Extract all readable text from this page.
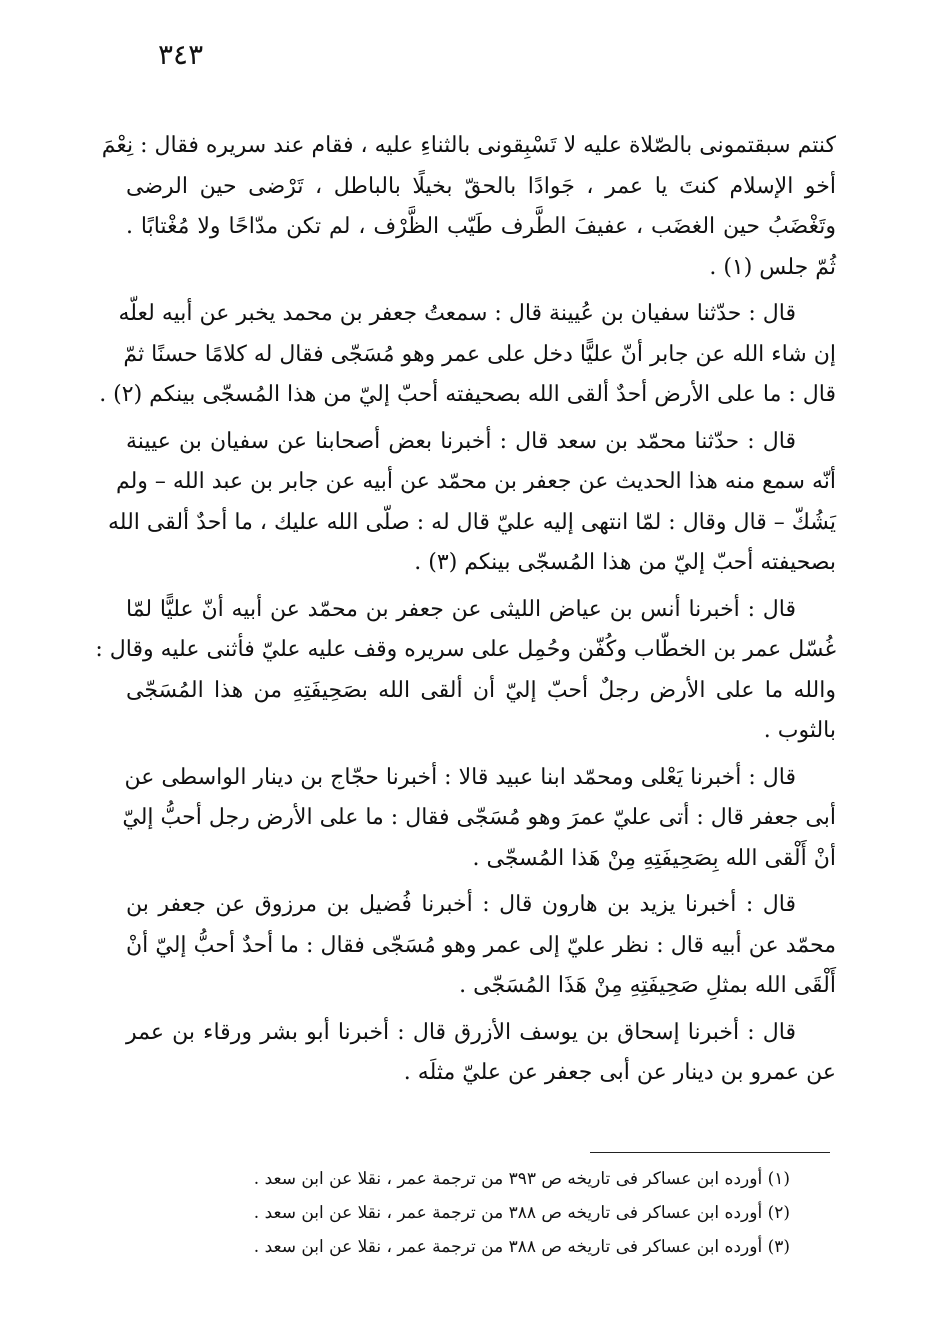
٣٤٣
كنتم سبقتمونى بالصّلاة عليه لا تَسْبِقونى بالثناءِ عليه ، فقام عند سريره فقال : نِعْمَ
أخو الإسلام كنتَ يا عمر ، جَوادًا بالحقّ بخيلًا بالباطل ، تَرْضى حين الرضى
وتَغْضَبُ حين الغضَب ، عفيفَ الطَّرف طَيّب الظَّرْف ، لم تكن مدّاحًا ولا مُغْتابًا .
ثُمّ جلس (١) .
قال : حدّثنا سفيان بن عُيينة قال : سمعتُ جعفر بن محمد يخبر عن أبيه لعلّه
إن شاء الله عن جابر أنّ عليًّا دخل على عمر وهو مُسَجّى فقال له كلامًا حسنًا ثمّ
قال : ما على الأرض أحدٌ ألقى الله بصحيفته أحبّ إليّ من هذا المُسجّى بينكم (٢) .
قال : حدّثنا محمّد بن سعد قال : أخبرنا بعض أصحابنا عن سفيان بن عيينة
أنّه سمع منه هذا الحديث عن جعفر بن محمّد عن أبيه عن جابر بن عبد الله – ولم
يَشُكّ – قال وقال : لمّا انتهى إليه عليّ قال له : صلّى الله عليك ، ما أحدٌ ألقى الله
بصحيفته أحبّ إليّ من هذا المُسجّى بينكم (٣) .
قال : أخبرنا أنس بن عياض الليثى عن جعفر بن محمّد عن أبيه أنّ عليًّا لمّا
غُسّل عمر بن الخطّاب وكُفّن وحُمِل على سريره وقف عليه عليّ فأثنى عليه وقال :
والله ما على الأرض رجلٌ أحبّ إليّ أن ألقى الله بصَحِيفَتِهِ من هذا المُسَجّى
بالثوب .
قال : أخبرنا يَعْلى ومحمّد ابنا عبيد قالا : أخبرنا حجّاج بن دينار الواسطى عن
أبى جعفر قال : أتى عليّ عمرَ وهو مُسَجّى فقال : ما على الأرض رجل أحبُّ إليّ
أنْ أَلْقى الله بِصَحِيفَتِهِ مِنْ هَذا المُسجّى .
قال : أخبرنا يزيد بن هارون قال : أخبرنا فُضيل بن مرزوق عن جعفر بن
محمّد عن أبيه قال : نظر عليّ إلى عمر وهو مُسَجّى فقال : ما أحدٌ أحبُّ إليّ أنْ
أَلْقَى الله بمثلِ صَحِيفَتِهِ مِنْ هَذَا المُسَجّى .
قال : أخبرنا إسحاق بن يوسف الأزرق قال : أخبرنا أبو بشر ورقاء بن عمر
عن عمرو بن دينار عن أبى جعفر عن عليّ مثلَه .
(١) أورده ابن عساكر فى تاريخه ص ٣٩٣ من ترجمة عمر ، نقلا عن ابن سعد .
(٢) أورده ابن عساكر فى تاريخه ص ٣٨٨ من ترجمة عمر ، نقلا عن ابن سعد .
(٣) أورده ابن عساكر فى تاريخه ص ٣٨٨ من ترجمة عمر ، نقلا عن ابن سعد .
